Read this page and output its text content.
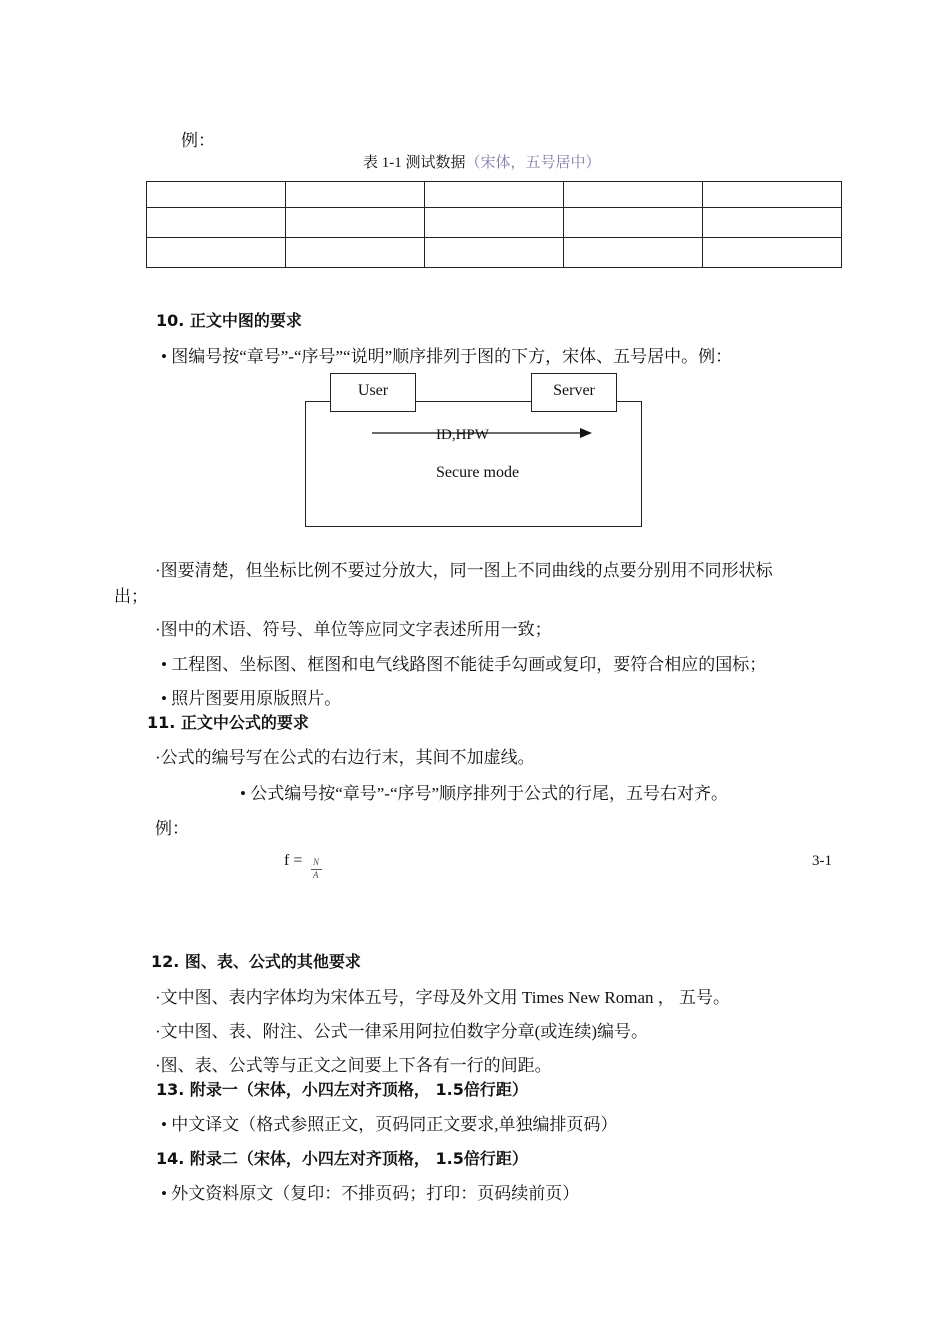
例：
表 1-1 测试数据（宋体，五号居中）

10. 正文中图的要求
• 图编号按“章号”-“序号”“说明”顺序排列于图的下方，宋体、五号居中。例：
User	Server
ID,HPW
Secure mode
·图要清楚，但坐标比例不要过分放大，同一图上不同曲线的点要分别用不同形状标
出；
·图中的术语、符号、单位等应同文字表述所用一致；
• 工程图、坐标图、框图和电气线路图不能徒手勾画或复印，要符合相应的国标；
• 照片图要用原版照片。
11. 正文中公式的要求
·公式的编号写在公式的右边行末，其间不加虚线。
• 公式编号按“章号”-“序号”顺序排列于公式的行尾，五号右对齐。
例：
f = N
A
3-1
12. 图、表、公式的其他要求
·文中图、表内字体均为宋体五号，字母及外文用 Times New Roman ， 五号。
·文中图、表、附注、公式一律采用阿拉伯数字分章(或连续)编号。
·图、表、公式等与正文之间要上下各有一行的间距。
13. 附录一（宋体，小四左对齐顶格， 1.5倍行距）
• 中文译文（格式参照正文，页码同正文要求,单独编排页码）
14. 附录二（宋体，小四左对齐顶格， 1.5倍行距）
• 外文资料原文（复印：不排页码；打印：页码续前页）
